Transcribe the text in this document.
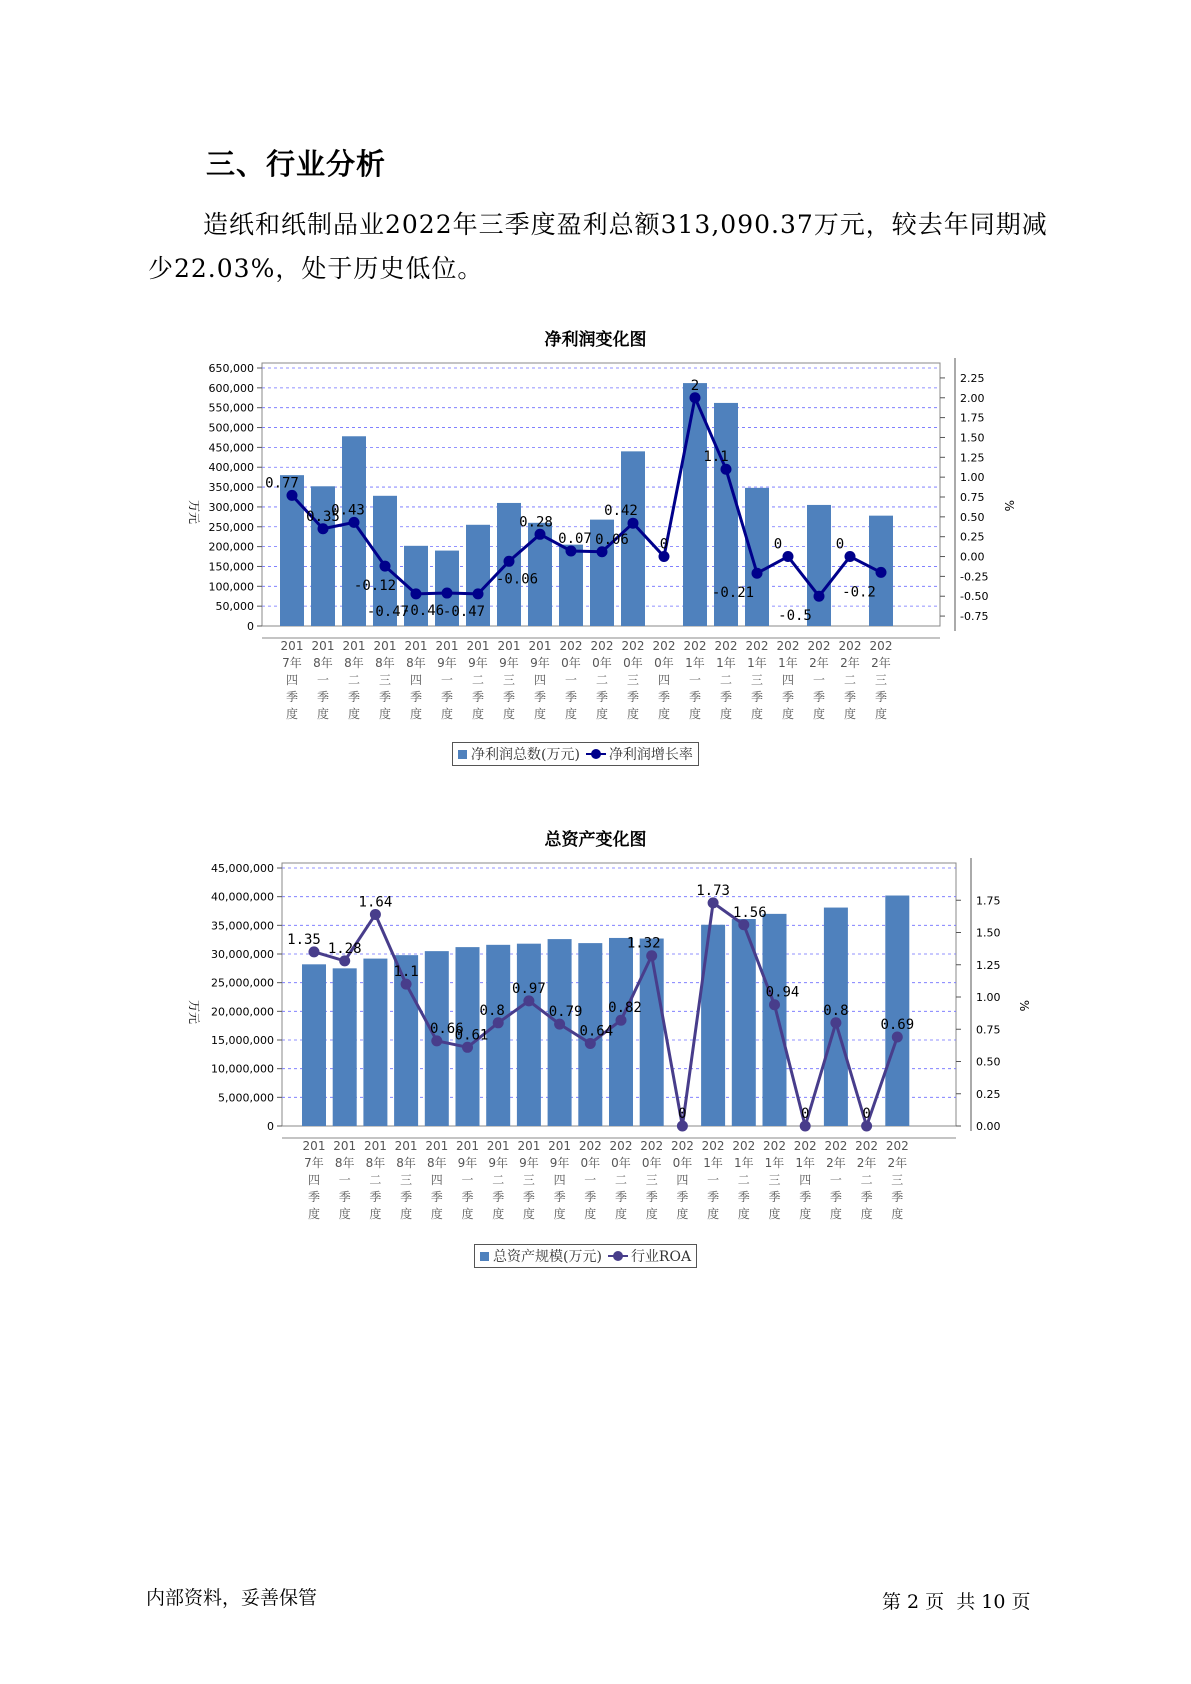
三、行业分析
造纸和纸制品业2022年三季度盈利总额313,090.37万元，较去年同期减少22.03%，处于历史低位。
净利润变化图
0
50,000
100,000
150,000
200,000
250,000
300,000
350,000
400,000
450,000
500,000
550,000
600,000
650,000
-0.75
-0.50
-0.25
0.00
0.25
0.50
0.75
1.00
1.25
1.50
1.75
2.00
2.25
万元	%
201
7年
四
季
度
201
8年
一
季
度
201
8年
二
季
度
201
8年
三
季
度
201
8年
四
季
度
201
9年
一
季
度
201
9年
二
季
度
201
9年
三
季
度
201
9年
四
季
度
202
0年
一
季
度
202
0年
二
季
度
202
0年
三
季
度
202
0年
四
季
度
202
1年
一
季
度
202
1年
二
季
度
202
1年
三
季
度
202
1年
四
季
度
202
2年
一
季
度
202
2年
二
季
度
202
2年
三
季
度
0.77
0.35
0.43
-0.12
-0.47
-0.46
-0.47
-0.06
0.28
0.07 0.06
0.42
0
2
1.1
-0.21
0
-0.5
0
-0.2
净利润总数(万元) 净利润增长率
总资产变化图
0
5,000,000
10,000,000
15,000,000
20,000,000
25,000,000
30,000,000
35,000,000
40,000,000
45,000,000
0.00
0.25
0.50
0.75
1.00
1.25
1.50
1.75
万元	%
201
7年
四
季
度
201
8年
一
季
度
201
8年
二
季
度
201
8年
三
季
度
201
8年
四
季
度
201
9年
一
季
度
201
9年
二
季
度
201
9年
三
季
度
201
9年
四
季
度
202
0年
一
季
度
202
0年
二
季
度
202
0年
三
季
度
202
0年
四
季
度
202
1年
一
季
度
202
1年
二
季
度
202
1年
三
季
度
202
1年
四
季
度
202
2年
一
季
度
202
2年
二
季
度
202
2年
三
季
度
1.35
1.28
1.64
1.1
0.66
0.61
0.8
0.97
0.79
0.64
0.82
1.32
0
1.73
1.56
0.94
0
0.8
0
0.69
总资产规模(万元) 行业ROA
内部资料，妥善保管	第 2 页  共 10 页
